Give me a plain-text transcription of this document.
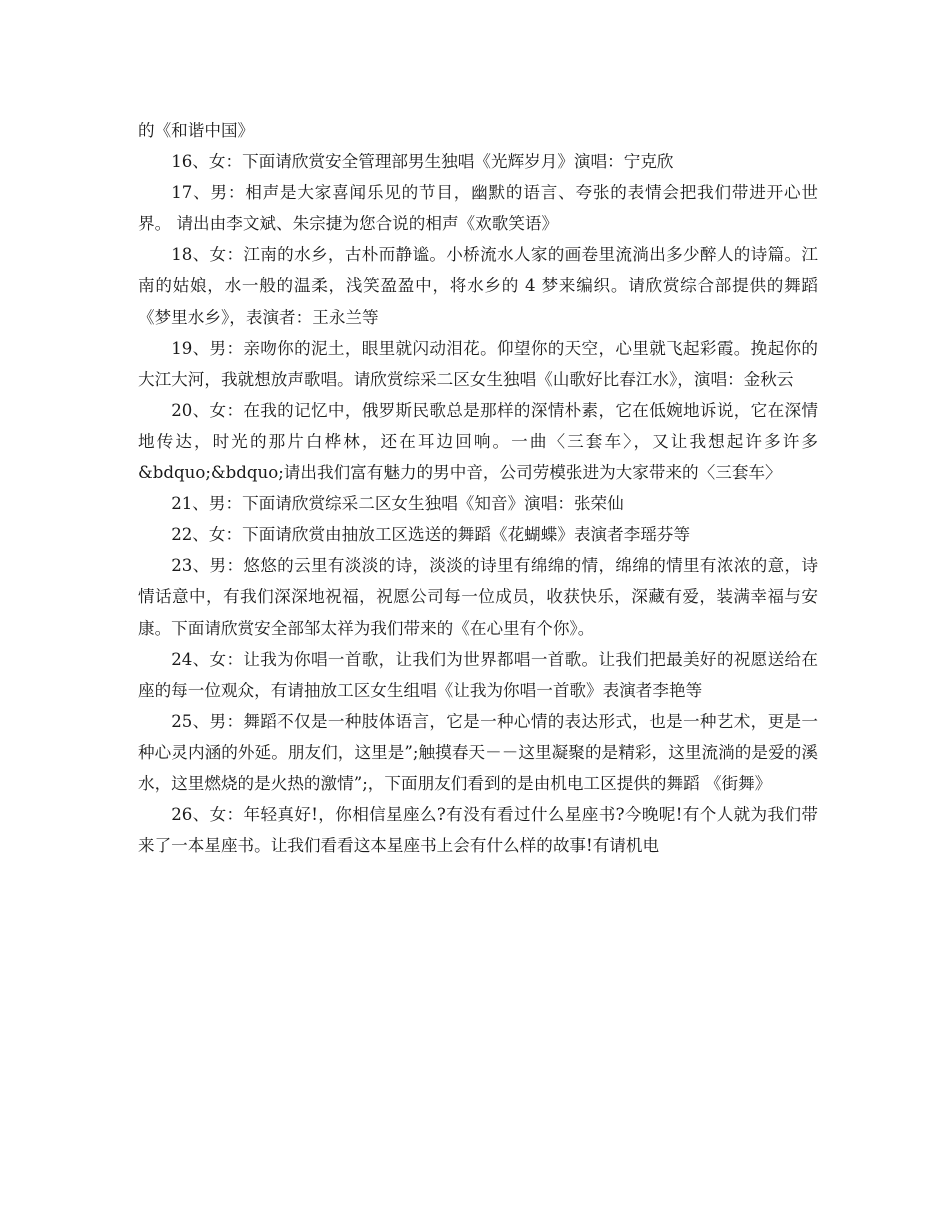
的《和谐中国》

16、女：下面请欣赏安全管理部男生独唱《光辉岁月》演唱：宁克欣

17、男：相声是大家喜闻乐见的节目，幽默的语言、夸张的表情会把我们带进开心世界。 请出由李文斌、朱宗捷为您合说的相声《欢歌笑语》

18、女：江南的水乡，古朴而静谧。小桥流水人家的画卷里流淌出多少醉人的诗篇。江南的姑娘，水一般的温柔，浅笑盈盈中，将水乡的 4 梦来编织。请欣赏综合部提供的舞蹈《梦里水乡》，表演者：王永兰等

19、男：亲吻你的泥土，眼里就闪动泪花。仰望你的天空，心里就飞起彩霞。挽起你的大江大河，我就想放声歌唱。请欣赏综采二区女生独唱《山歌好比春江水》，演唱：金秋云

20、女：在我的记忆中，俄罗斯民歌总是那样的深情朴素，它在低婉地诉说，它在深情地传达，时光的那片白桦林，还在耳边回响。一曲〈三套车〉，又让我想起许多许多&bdquo;&bdquo;请出我们富有魅力的男中音，公司劳模张进为大家带来的〈三套车〉

21、男：下面请欣赏综采二区女生独唱《知音》演唱：张荣仙

22、女：下面请欣赏由抽放工区选送的舞蹈《花蝴蝶》表演者李瑶芬等

23、男：悠悠的云里有淡淡的诗，淡淡的诗里有绵绵的情，绵绵的情里有浓浓的意，诗情话意中，有我们深深地祝福，祝愿公司每一位成员，收获快乐，深藏有爱，装满幸福与安康。下面请欣赏安全部邹太祥为我们带来的《在心里有个你》。

24、女：让我为你唱一首歌，让我们为世界都唱一首歌。让我们把最美好的祝愿送给在座的每一位观众，有请抽放工区女生组唱《让我为你唱一首歌》表演者李艳等

25、男：舞蹈不仅是一种肢体语言，它是一种心情的表达形式，也是一种艺术，更是一种心灵内涵的外延。朋友们，这里是”;触摸春天－－这里凝聚的是精彩，这里流淌的是爱的溪水，这里燃烧的是火热的激情”;，下面朋友们看到的是由机电工区提供的舞蹈 《街舞》

26、女：年轻真好!，你相信星座么?有没有看过什么星座书?今晚呢!有个人就为我们带来了一本星座书。让我们看看这本星座书上会有什么样的故事!有请机电
